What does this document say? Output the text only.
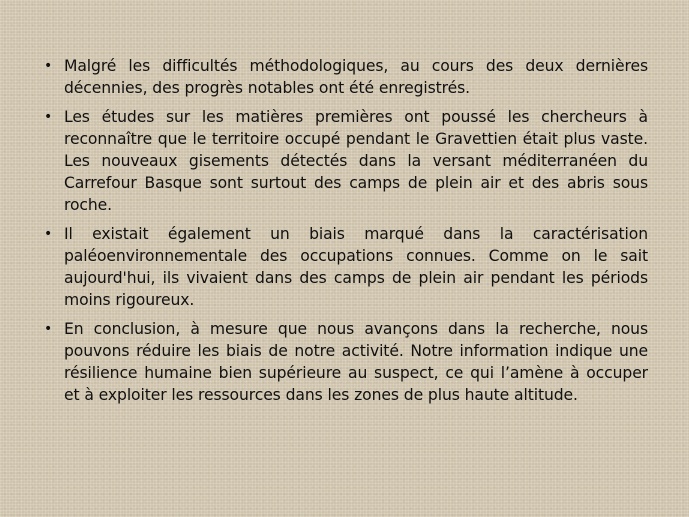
• Malgré les difficultés méthodologiques, au cours des deux dernières décennies, des progrès notables ont été enregistrés.
• Les études sur les matières premières ont poussé les chercheurs à reconnaître que le territoire occupé pendant le Gravettien était plus vaste. Les nouveaux gisements détectés dans la versant méditerranéen du Carrefour Basque sont surtout des camps de plein air et des abris sous roche.
• Il existait également un biais marqué dans la caractérisation paléoenvironnementale des occupations connues. Comme on le sait aujourd'hui, ils vivaient dans des camps de plein air pendant les périods moins rigoureux.
• En conclusion, à mesure que nous avançons dans la recherche, nous pouvons réduire les biais de notre activité. Notre information indique une résilience humaine bien supérieure au suspect, ce qui l’amène à occuper et à exploiter les ressources dans les zones de plus haute altitude.
